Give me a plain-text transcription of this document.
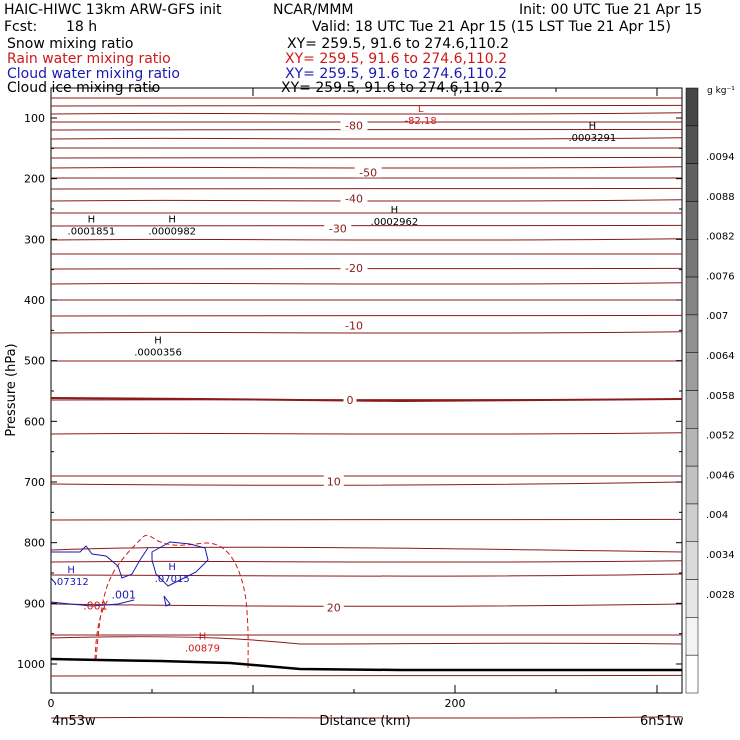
HAIC-HIWC 13km ARW-GFS init	NCAR/MMM	Init: 00 UTC Tue 21 Apr 15
Fcst: 18 h	Valid: 18 UTC Tue 21 Apr 15 (15 LST Tue 21 Apr 15)
Snow mixing ratio	XY= 259.5, 91.6 to 274.6,110.2
Rain water mixing ratio	XY= 259.5, 91.6 to 274.6,110.2
Cloud water mixing ratio	XY= 259.5, 91.6 to 274.6,110.2
Cloud ice mixing ratio	XY= 259.5, 91.6 to 274.6,110.2
100
200
300
400
500
600
700
800
900
1000
0	200
-80
-50
-40
-30
-20
-10
0
10
20
.001
.001
L
-82.18	H
.0003291
H
.0002962
H
.0001851
H
.0000982
H
.0000356
H
.07312
H
.07015
H
.00879
.0094
.0088
.0082
.0076
.007
.0064
.0058
.0052
.0046
.004
.0034
.0028
g kg⁻¹
Pressure (hPa)
Distance (km)
4n53w	6n51w
